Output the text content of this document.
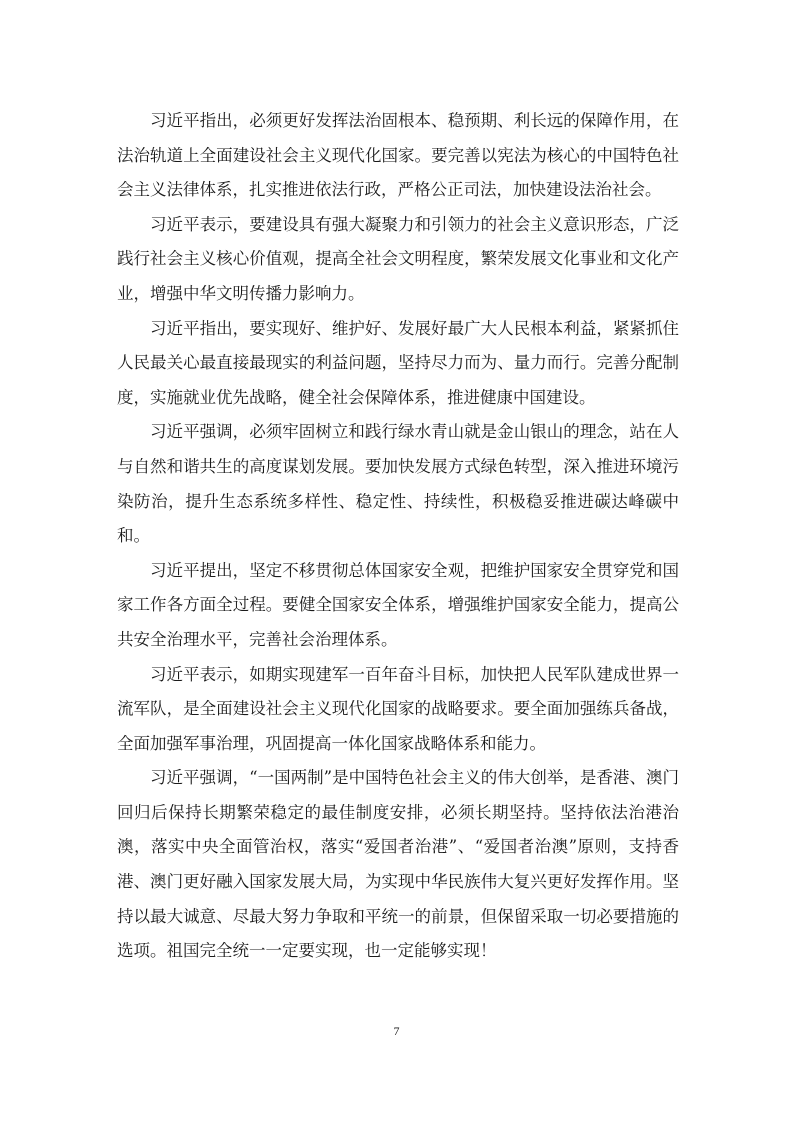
习近平指出，必须更好发挥法治固根本、稳预期、利长远的保障作用，在法治轨道上全面建设社会主义现代化国家。要完善以宪法为核心的中国特色社会主义法律体系，扎实推进依法行政，严格公正司法，加快建设法治社会。

习近平表示，要建设具有强大凝聚力和引领力的社会主义意识形态，广泛践行社会主义核心价值观，提高全社会文明程度，繁荣发展文化事业和文化产业，增强中华文明传播力影响力。

习近平指出，要实现好、维护好、发展好最广大人民根本利益，紧紧抓住人民最关心最直接最现实的利益问题，坚持尽力而为、量力而行。完善分配制度，实施就业优先战略，健全社会保障体系，推进健康中国建设。

习近平强调，必须牢固树立和践行绿水青山就是金山银山的理念，站在人与自然和谐共生的高度谋划发展。要加快发展方式绿色转型，深入推进环境污染防治，提升生态系统多样性、稳定性、持续性，积极稳妥推进碳达峰碳中和。

习近平提出，坚定不移贯彻总体国家安全观，把维护国家安全贯穿党和国家工作各方面全过程。要健全国家安全体系，增强维护国家安全能力，提高公共安全治理水平，完善社会治理体系。

习近平表示，如期实现建军一百年奋斗目标，加快把人民军队建成世界一流军队，是全面建设社会主义现代化国家的战略要求。要全面加强练兵备战，全面加强军事治理，巩固提高一体化国家战略体系和能力。

习近平强调，“一国两制”是中国特色社会主义的伟大创举，是香港、澳门回归后保持长期繁荣稳定的最佳制度安排，必须长期坚持。坚持依法治港治澳，落实中央全面管治权，落实“爱国者治港”、“爱国者治澳”原则，支持香港、澳门更好融入国家发展大局，为实现中华民族伟大复兴更好发挥作用。坚持以最大诚意、尽最大努力争取和平统一的前景，但保留采取一切必要措施的选项。祖国完全统一一定要实现，也一定能够实现！

7
